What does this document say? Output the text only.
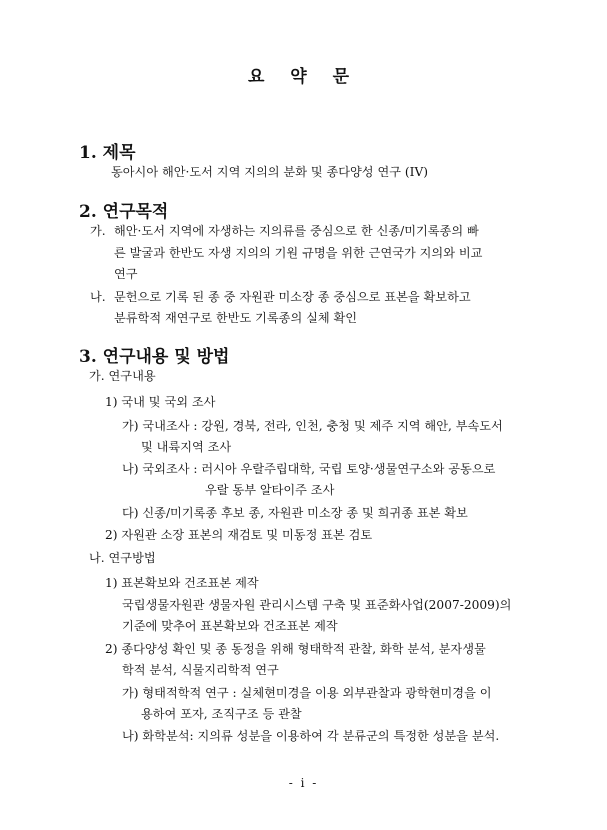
요 약 문
1. 제목
동아시아 해안·도서 지역 지의의 분화 및 종다양성 연구 (IV)
2. 연구목적
가. 해안·도서 지역에 자생하는 지의류를 중심으로 한 신종/미기록종의 빠
른 발굴과 한반도 자생 지의의 기원 규명을 위한 근연국가 지의와 비교
연구
나. 문헌으로 기록 된 종 중 자원관 미소장 종 중심으로 표본을 확보하고
분류학적 재연구로 한반도 기록종의 실체 확인
3. 연구내용 및 방법
가. 연구내용
1) 국내 및 국외 조사
가) 국내조사 : 강원, 경북, 전라, 인천, 충청 및 제주 지역 해안, 부속도서
및 내륙지역 조사
나) 국외조사 : 러시아 우랄주립대학, 국립 토양·생물연구소와 공동으로
우랄 동부 알타이주 조사
다) 신종/미기록종 후보 종, 자원관 미소장 종 및 희귀종 표본 확보
2) 자원관 소장 표본의 재검토 및 미동정 표본 검토
나. 연구방법
1) 표본확보와 건조표본 제작
국립생물자원관 생물자원 관리시스템 구축 및 표준화사업(2007-2009)의
기준에 맞추어 표본확보와 건조표본 제작
2) 종다양성 확인 및 종 동정을 위해 형태학적 관찰, 화학 분석, 분자생물
학적 분석, 식물지리학적 연구
가) 형태적학적 연구 : 실체현미경을 이용 외부관찰과 광학현미경을 이
용하여 포자, 조직구조 등 관찰
나) 화학분석: 지의류 성분을 이용하여 각 분류군의 특정한 성분을 분석.
- i -
